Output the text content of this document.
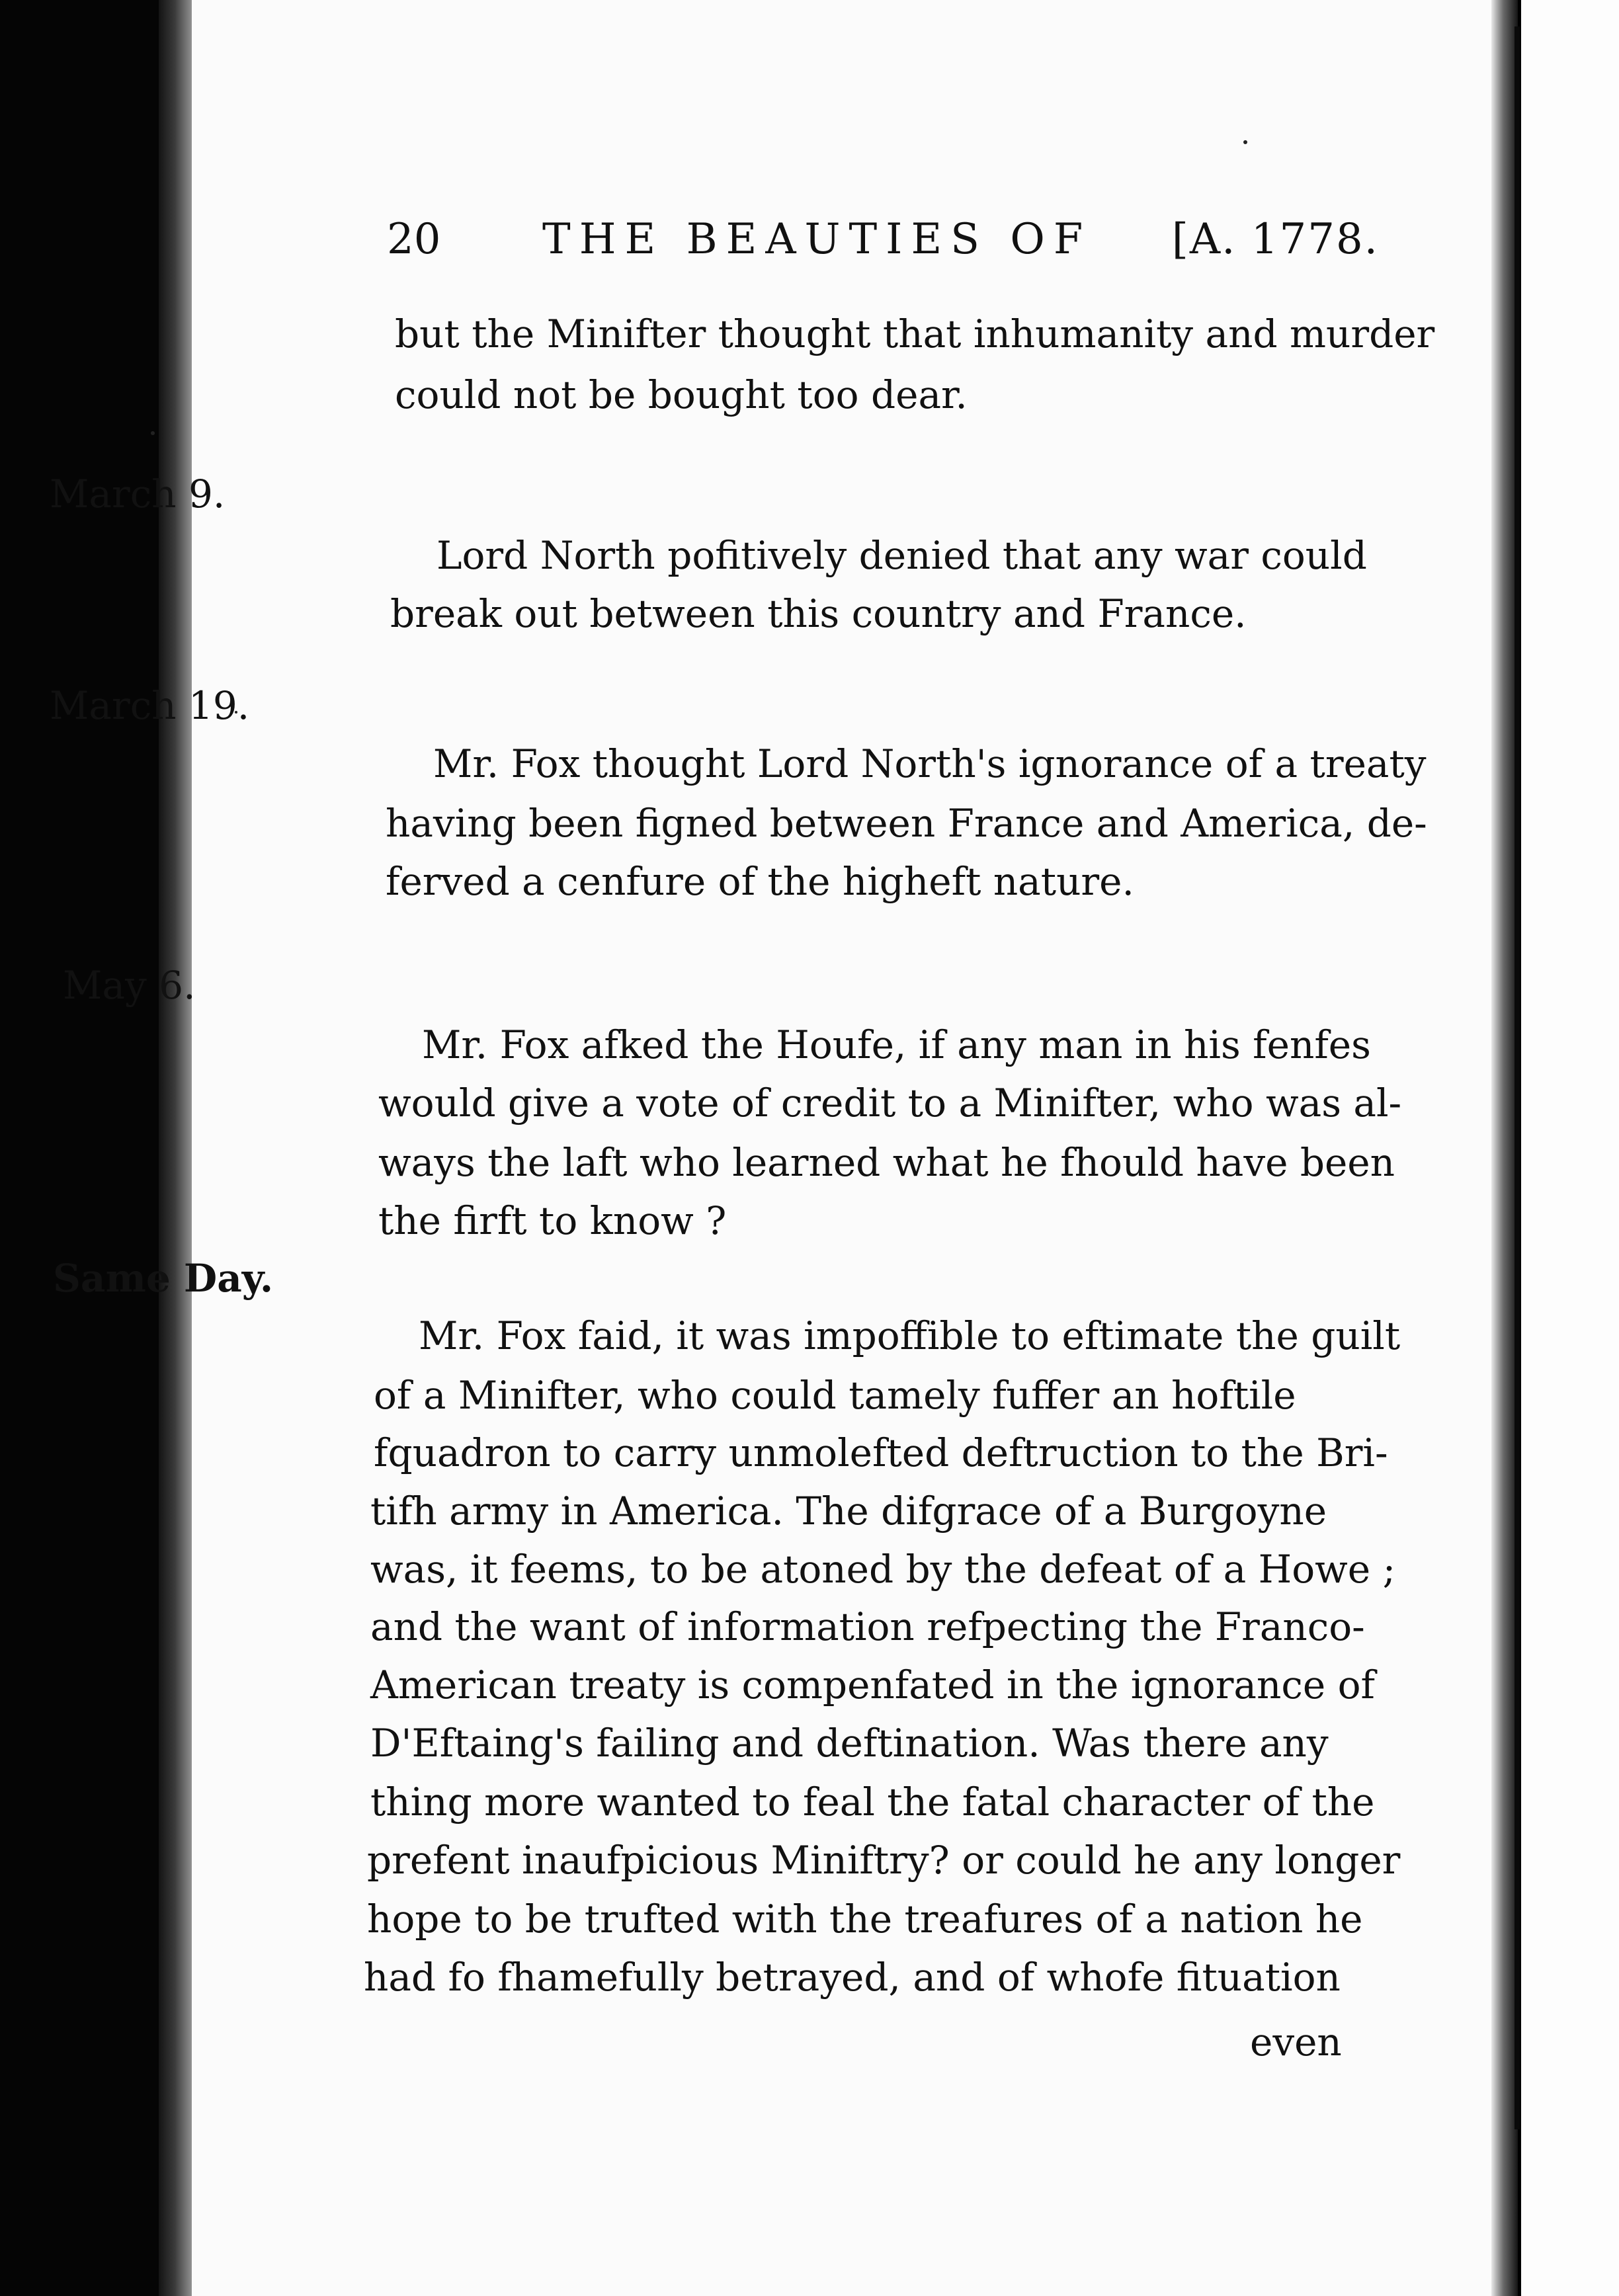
20 THE BEAUTIES OF [A. 1778.
but the Minifter thought that inhumanity and murder
could not be bought too dear.
March 9.
Lord North pofitively denied that any war could
break out between this country and France.
March 19.
Mr. Fox thought Lord North's ignorance of a treaty
having been figned between France and America, de-
ferved a cenfure of the higheft nature.
May 6.
Mr. Fox afked the Houfe, if any man in his fenfes
would give a vote of credit to a Minifter, who was al-
ways the laft who learned what he fhould have been
the firft to know ?
Same Day.
Mr. Fox faid, it was impoffible to eftimate the guilt
of a Minifter, who could tamely fuffer an hoftile
fquadron to carry unmolefted deftruction to the Bri-
tifh army in America. The difgrace of a Burgoyne
was, it feems, to be atoned by the defeat of a Howe ;
and the want of information refpecting the Franco-
American treaty is compenfated in the ignorance of
D'Eftaing's failing and deftination. Was there any
thing more wanted to feal the fatal character of the
prefent inaufpicious Miniftry? or could he any longer
hope to be trufted with the treafures of a nation he
had fo fhamefully betrayed, and of whofe fituation
even
